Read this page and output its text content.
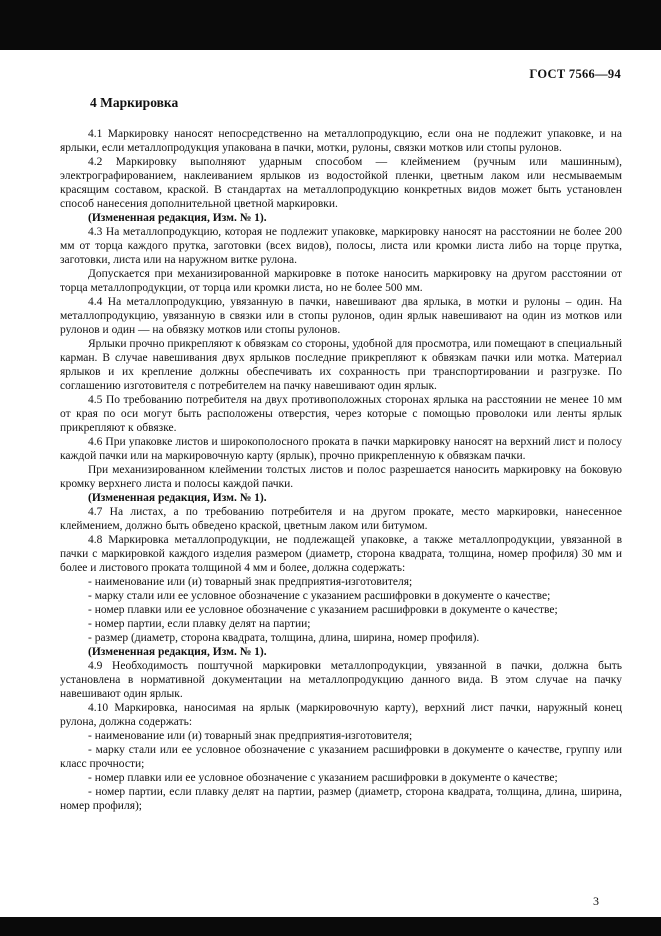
ГОСТ 7566—94
4 Маркировка

4.1 Маркировку наносят непосредственно на металлопродукцию, если она не подлежит упаковке, и на ярлыки, если металлопродукция упакована в пачки, мотки, рулоны, связки мотков или стопы рулонов.

4.2 Маркировку выполняют ударным способом — клеймением (ручным или машинным), электрографированием, наклеиванием ярлыков из водостойкой пленки, цветным лаком или несмываемым красящим составом, краской. В стандартах на металлопродукцию конкретных видов может быть установлен способ нанесения дополнительной цветной маркировки.

(Измененная редакция, Изм. № 1).

4.3 На металлопродукцию, которая не подлежит упаковке, маркировку наносят на расстоянии не более 200 мм от торца каждого прутка, заготовки (всех видов), полосы, листа или кромки листа либо на торце прутка, заготовки, листа или на наружном витке рулона.

Допускается при механизированной маркировке в потоке наносить маркировку на другом расстоянии от торца металлопродукции, от торца или кромки листа, но не более 500 мм.

4.4 На металлопродукцию, увязанную в пачки, навешивают два ярлыка, в мотки и рулоны – один. На металлопродукцию, увязанную в связки или в стопы рулонов, один ярлык навешивают на один из мотков или рулонов и один — на обвязку мотков или стопы рулонов.

Ярлыки прочно прикрепляют к обвязкам со стороны, удобной для просмотра, или помещают в специальный карман. В случае навешивания двух ярлыков последние прикрепляют к обвязкам пачки или мотка. Материал ярлыков и их крепление должны обеспечивать их сохранность при транспортировании и разгрузке. По соглашению изготовителя с потребителем на пачку навешивают один ярлык.

4.5 По требованию потребителя на двух противоположных сторонах ярлыка на расстоянии не менее 10 мм от края по оси могут быть расположены отверстия, через которые с помощью проволоки или ленты ярлык прикрепляют к обвязке.

4.6 При упаковке листов и широкополосного проката в пачки маркировку наносят на верхний лист и полосу каждой пачки или на маркировочную карту (ярлык), прочно прикрепленную к обвязкам пачки.

При механизированном клеймении толстых листов и полос разрешается наносить маркировку на боковую кромку верхнего листа и полосы каждой пачки.

(Измененная редакция, Изм. № 1).

4.7 На листах, а по требованию потребителя и на другом прокате, место маркировки, нанесенное клеймением, должно быть обведено краской, цветным лаком или битумом.

4.8 Маркировка металлопродукции, не подлежащей упаковке, а также металлопродукции, увязанной в пачки с маркировкой каждого изделия размером (диаметр, сторона квадрата, толщина, номер профиля) 30 мм и более и листового проката толщиной 4 мм и более, должна содержать:

- наименование или (и) товарный знак предприятия-изготовителя;

- марку стали или ее условное обозначение с указанием расшифровки в документе о качестве;

- номер плавки или ее условное обозначение с указанием расшифровки в документе о качестве;

- номер партии, если плавку делят на партии;

- размер (диаметр, сторона квадрата, толщина, длина, ширина, номер профиля).

(Измененная редакция, Изм. № 1).

4.9 Необходимость поштучной маркировки металлопродукции, увязанной в пачки, должна быть установлена в нормативной документации на металлопродукцию данного вида. В этом случае на пачку навешивают один ярлык.

4.10 Маркировка, наносимая на ярлык (маркировочную карту), верхний лист пачки, наружный конец рулона, должна содержать:

- наименование или (и) товарный знак предприятия-изготовителя;

- марку стали или ее условное обозначение с указанием расшифровки в документе о качестве, группу или класс прочности;

- номер плавки или ее условное обозначение с указанием расшифровки в документе о качестве;

- номер партии, если плавку делят на партии, размер (диаметр, сторона квадрата, толщина, длина, ширина, номер профиля);

3
